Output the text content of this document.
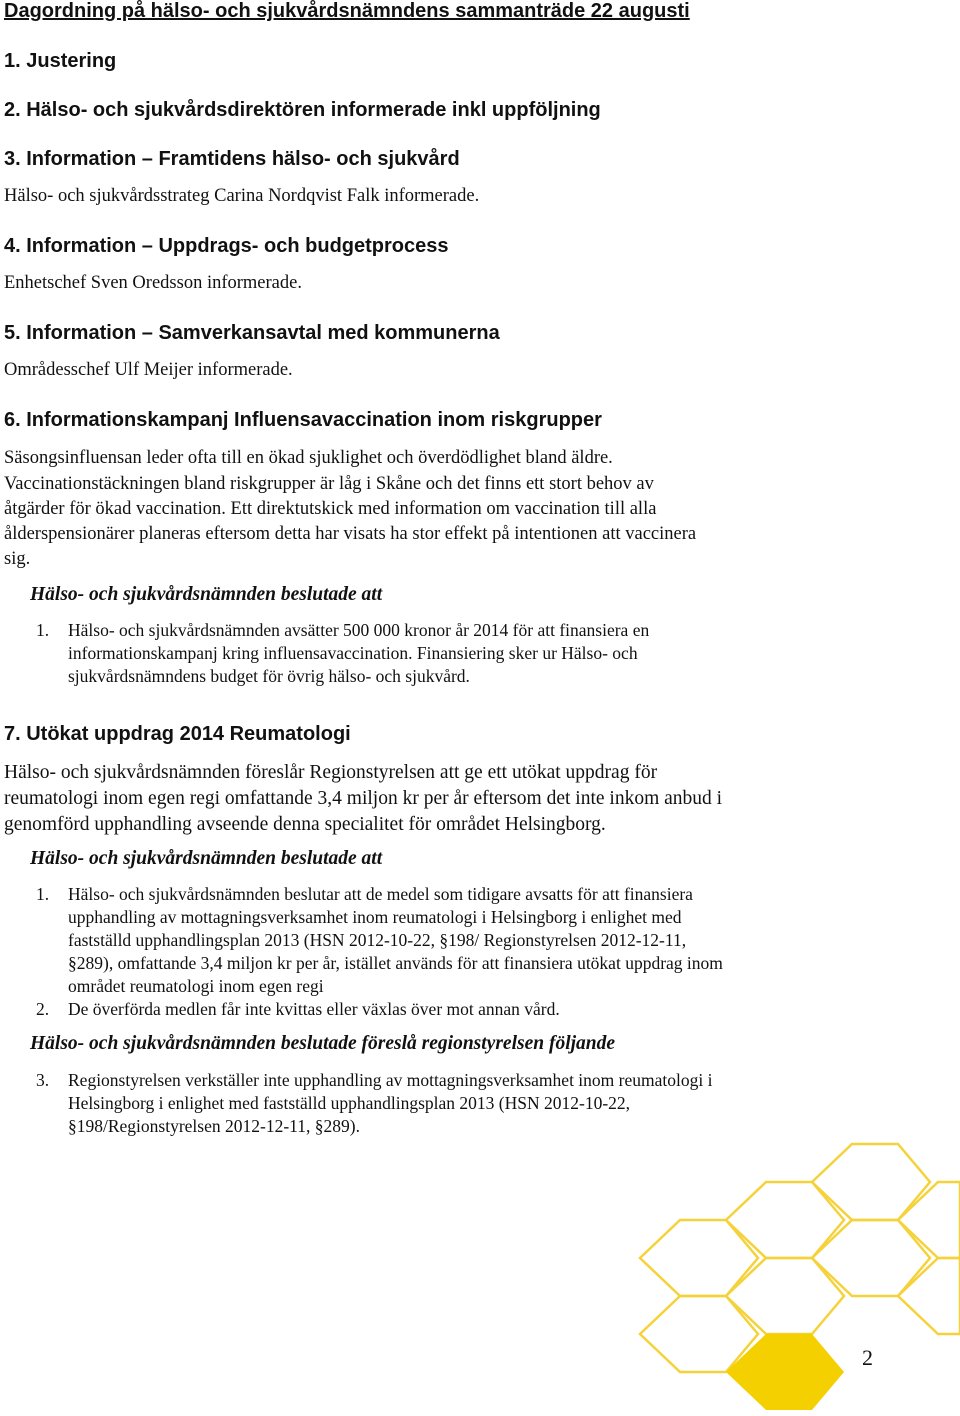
Dagordning på hälso- och sjukvårdsnämndens sammanträde 22 augusti
1. Justering
2. Hälso- och sjukvårdsdirektören informerade inkl uppföljning
3. Information – Framtidens hälso- och sjukvård
Hälso- och sjukvårdsstrateg Carina Nordqvist Falk informerade.
4. Information – Uppdrags- och budgetprocess
Enhetschef Sven Oredsson informerade.
5. Information – Samverkansavtal med kommunerna
Områdesschef Ulf Meijer informerade.
6. Informationskampanj Influensavaccination inom riskgrupper
Säsongsinfluensan leder ofta till en ökad sjuklighet och överdödlighet bland äldre.
Vaccinationstäckningen bland riskgrupper är låg i Skåne och det finns ett stort behov av
åtgärder för ökad vaccination. Ett direktutskick med information om vaccination till alla
ålderspensionärer planeras eftersom detta har visats ha stor effekt på intentionen att vaccinera
sig.
Hälso- och sjukvårdsnämnden beslutade att
1. Hälso- och sjukvårdsnämnden avsätter 500 000 kronor år 2014 för att finansiera en
informationskampanj kring influensavaccination. Finansiering sker ur Hälso- och
sjukvårdsnämndens budget för övrig hälso- och sjukvård.
7. Utökat uppdrag 2014 Reumatologi
Hälso- och sjukvårdsnämnden föreslår Regionstyrelsen att ge ett utökat uppdrag för
reumatologi inom egen regi omfattande 3,4 miljon kr per år eftersom det inte inkom anbud i
genomförd upphandling avseende denna specialitet för området Helsingborg.
Hälso- och sjukvårdsnämnden beslutade att
1. Hälso- och sjukvårdsnämnden beslutar att de medel som tidigare avsatts för att finansiera
upphandling av mottagningsverksamhet inom reumatologi i Helsingborg i enlighet med
fastställd upphandlingsplan 2013 (HSN 2012-10-22, §198/ Regionstyrelsen 2012-12-11,
§289), omfattande 3,4 miljon kr per år, istället används för att finansiera utökat uppdrag inom
området reumatologi inom egen regi
2. De överförda medlen får inte kvittas eller växlas över mot annan vård.
Hälso- och sjukvårdsnämnden beslutade föreslå regionstyrelsen följande
3. Regionstyrelsen verkställer inte upphandling av mottagningsverksamhet inom reumatologi i
Helsingborg i enlighet med fastställd upphandlingsplan 2013 (HSN 2012-10-22,
§198/Regionstyrelsen 2012-12-11, §289).
2
